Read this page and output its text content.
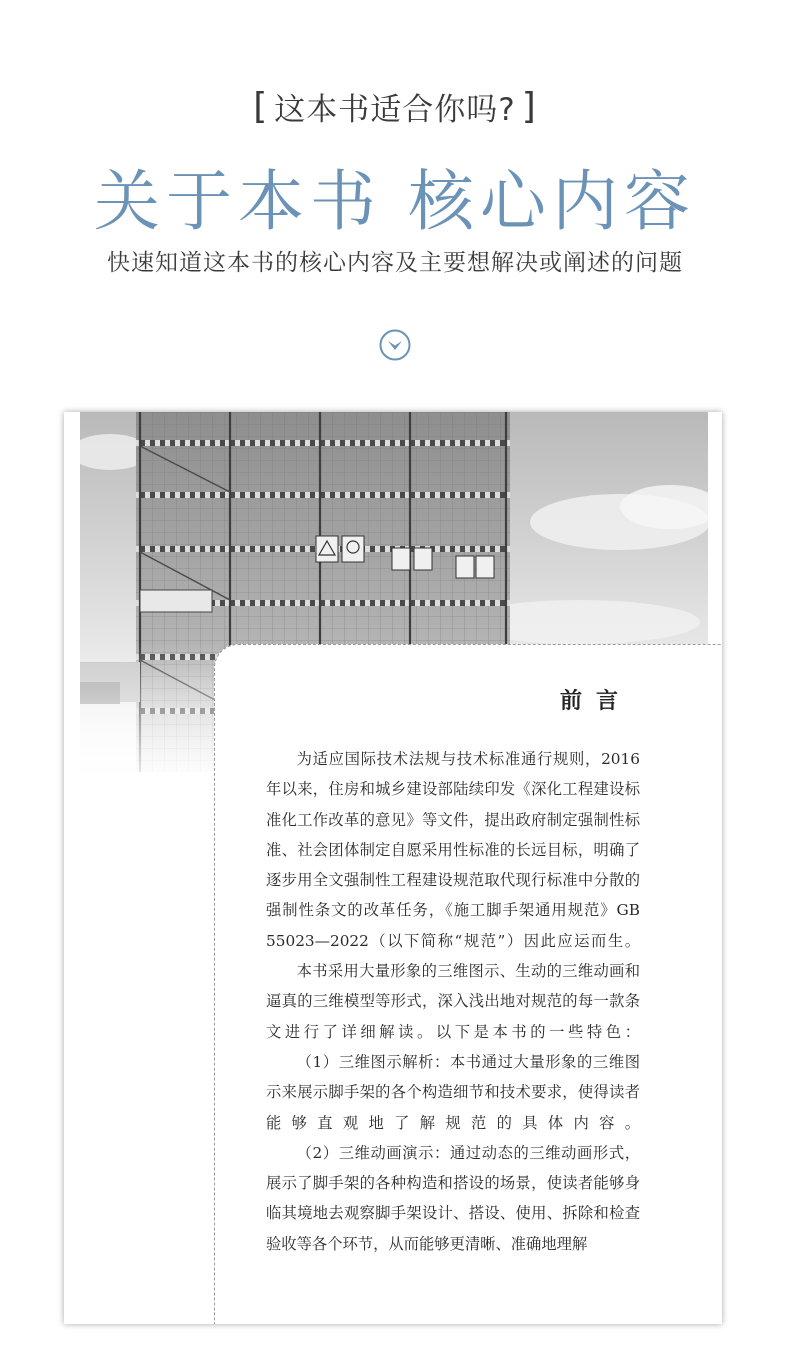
[ 这本书适合你吗? ]
关于本书 核心内容
快速知道这本书的核心内容及主要想解决或阐述的问题
前言

为适应国际技术法规与技术标准通行规则，2016年以来，住房和城乡建设部陆续印发《深化工程建设标准化工作改革的意见》等文件，提出政府制定强制性标准、社会团体制定自愿采用性标准的长远目标，明确了逐步用全文强制性工程建设规范取代现行标准中分散的强制性条文的改革任务，《施工脚手架通用规范》GB 55023—2022（以下简称“规范”）因此应运而生。

本书采用大量形象的三维图示、生动的三维动画和逼真的三维模型等形式，深入浅出地对规范的每一款条文进行了详细解读。以下是本书的一些特色：

（1）三维图示解析：本书通过大量形象的三维图示来展示脚手架的各个构造细节和技术要求，使得读者能够直观地了解规范的具体内容。

（2）三维动画演示：通过动态的三维动画形式，展示了脚手架的各种构造和搭设的场景，使读者能够身临其境地去观察脚手架设计、搭设、使用、拆除和检查验收等各个环节，从而能够更清晰、准确地理解
